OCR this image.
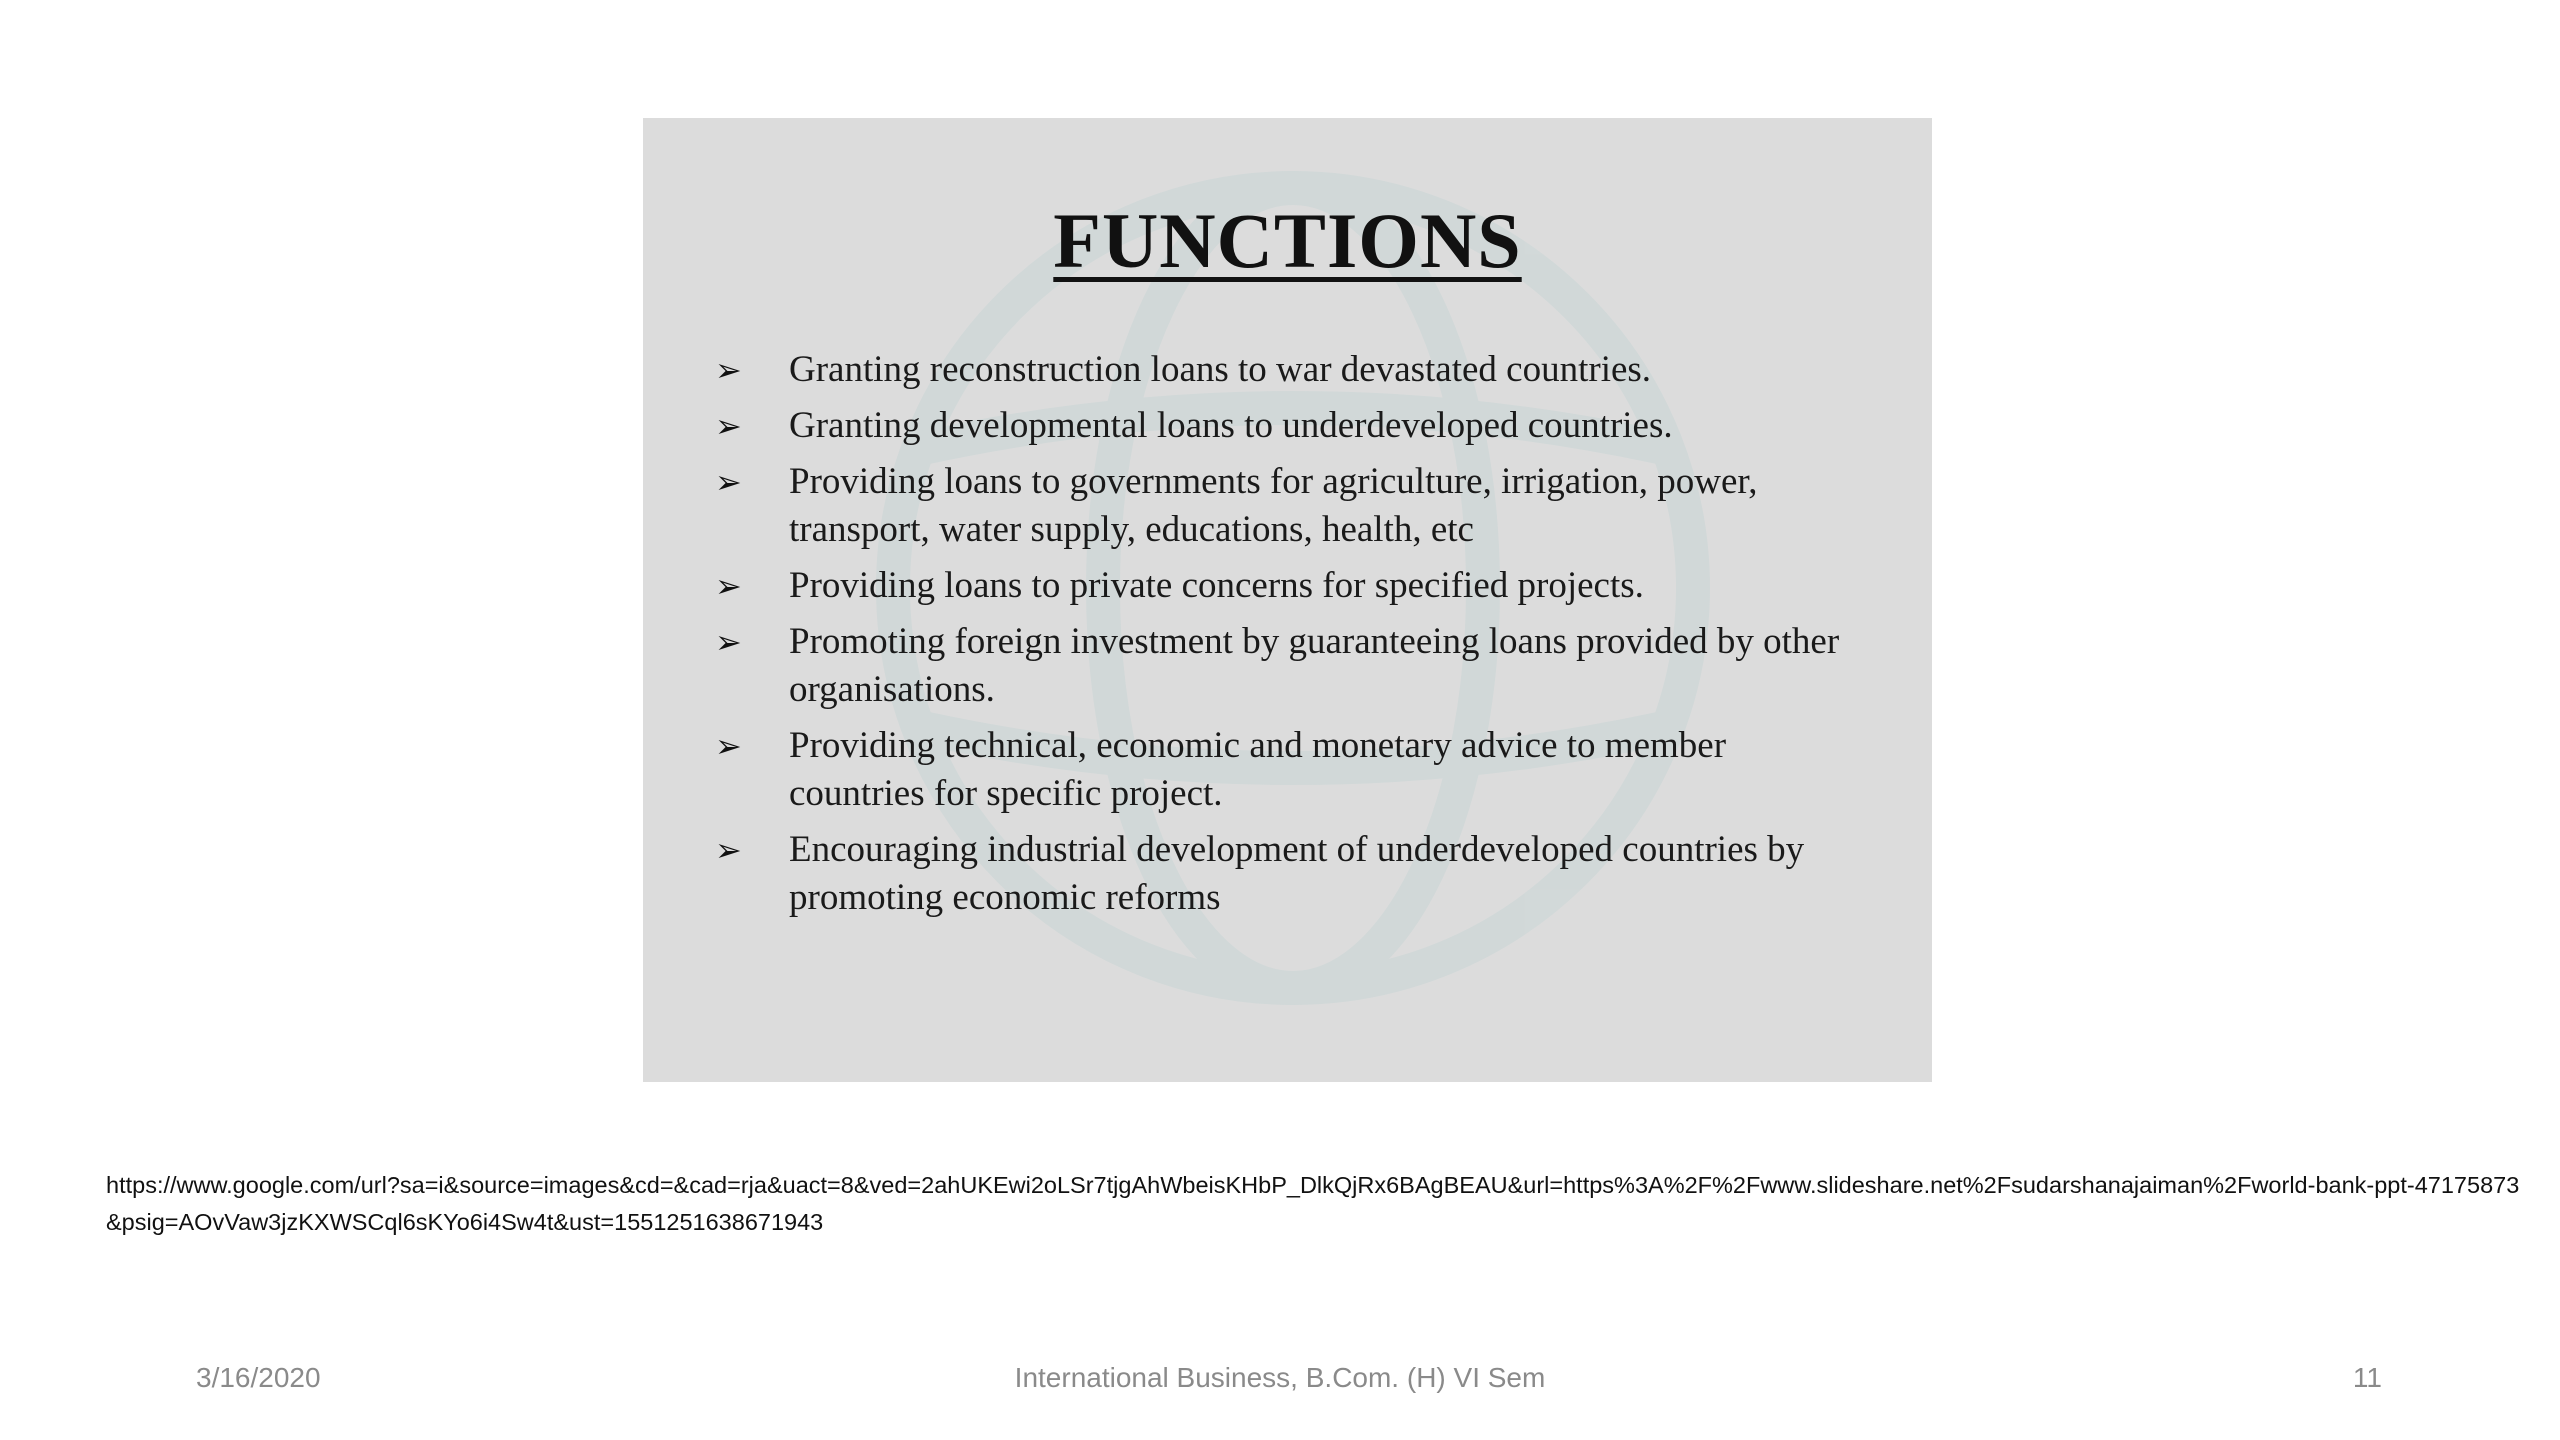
FUNCTIONS
➢	Granting reconstruction loans to war devastated countries.
➢	Granting developmental loans to underdeveloped countries.
➢	Providing loans to governments for agriculture, irrigation, power, transport, water supply, educations, health, etc
➢	Providing loans to private concerns for specified projects.
➢	Promoting foreign investment by guaranteeing loans provided by other organisations.
➢	Providing technical, economic and monetary advice to member countries for specific project.
➢	Encouraging industrial development of underdeveloped countries by promoting economic reforms
https://www.google.com/url?sa=i&source=images&cd=&cad=rja&uact=8&ved=2ahUKEwi2oLSr7tjgAhWbeisKHbP_DlkQjRx6BAgBEAU&url=https%3A%2F%2Fwww.slideshare.net%2Fsudarshanajaiman%2Fworld-bank-ppt-47175873&psig=AOvVaw3jzKXWSCql6sKYo6i4Sw4t&ust=1551251638671943
3/16/2020	International Business, B.Com. (H) VI Sem	11
